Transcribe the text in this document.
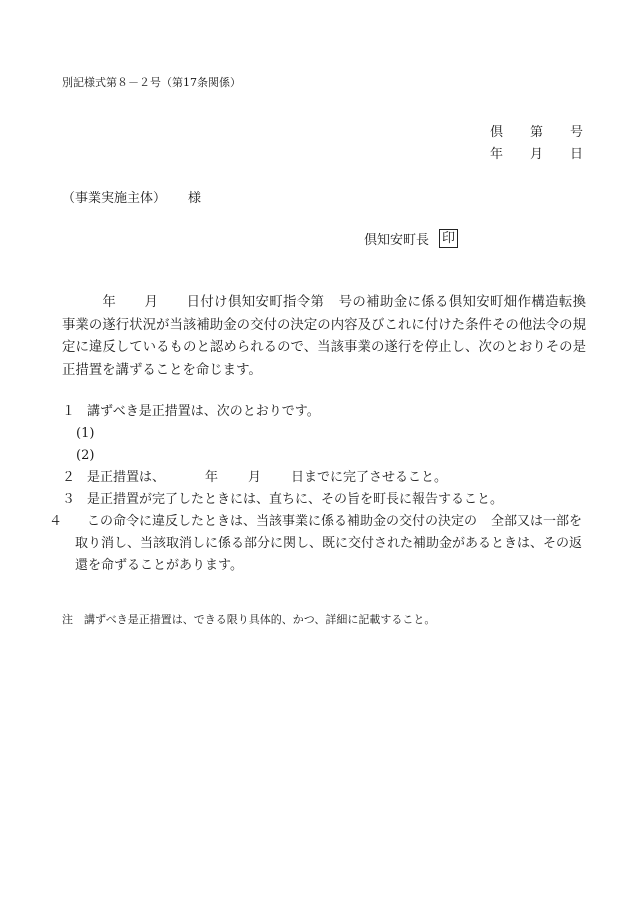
別記様式第８－２号（第17条関係）
倶 第 号
年 月 日
（事業実施主体） 様
倶知安町長 印
年 月 日付け倶知安町指令第 号の補助金に係る倶知安町畑作構造転換事業の遂行状況が当該補助金の交付の決定の内容及びこれに付けた条件その他法令の規定に違反しているものと認められるので、当該事業の遂行を停止し、次のとおりその是正措置を講ずることを命じます。
１ 講ずべき是正措置は、次のとおりです。
(1)
(2)
２ 是正措置は、	年 月 日までに完了させること。
３ 是正措置が完了したときには、直ちに、その旨を町長に報告すること。
４ この命令に違反したときは、当該事業に係る補助金の交付の決定の 全部又は一部を取り消し、当該取消しに係る部分に関し、既に交付された補助金があるときは、その返還を命ずることがあります。
注　講ずべき是正措置は、できる限り具体的、かつ、詳細に記載すること。
